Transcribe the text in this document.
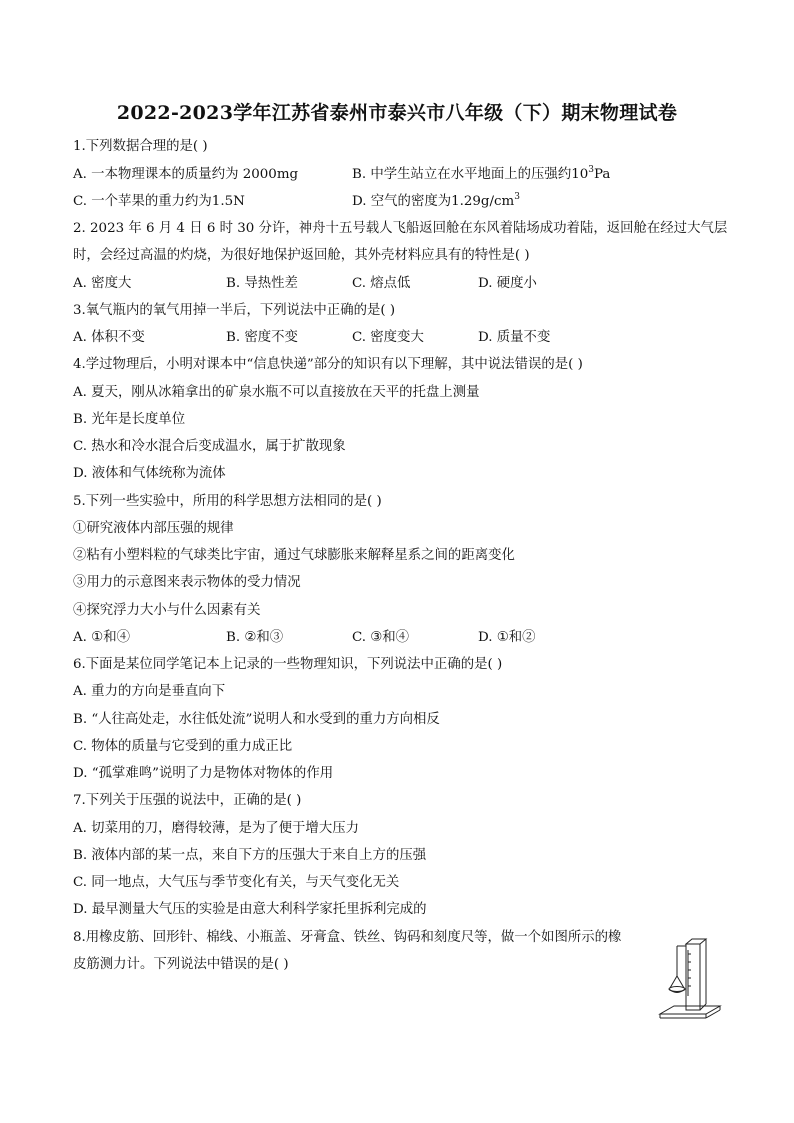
2022-2023学年江苏省泰州市泰兴市八年级（下）期末物理试卷
1.下列数据合理的是( )
A. 一本物理课本的质量约为 2000mg	B. 中学生站立在水平地面上的压强约$10^3Pa$
C. 一个苹果的重力约为1.5N	D. 空气的密度为$1.29g/cm^3$
2. 2023 年 6 月 4 日 6 时 30 分许，神舟十五号载人飞船返回舱在东风着陆场成功着陆，返回舱在经过大气层
时，会经过高温的灼烧，为很好地保护返回舱，其外壳材料应具有的特性是( )
A. 密度大	B. 导热性差	C. 熔点低	D. 硬度小
3.氧气瓶内的氧气用掉一半后，下列说法中正确的是( )
A. 体积不变	B. 密度不变	C. 密度变大	D. 质量不变
4.学过物理后，小明对课本中“信息快递”部分的知识有以下理解，其中说法错误的是( )
A. 夏天，刚从冰箱拿出的矿泉水瓶不可以直接放在天平的托盘上测量
B. 光年是长度单位
C. 热水和冷水混合后变成温水，属于扩散现象
D. 液体和气体统称为流体
5.下列一些实验中，所用的科学思想方法相同的是( )
①研究液体内部压强的规律
②粘有小塑料粒的气球类比宇宙，通过气球膨胀来解释星系之间的距离变化
③用力的示意图来表示物体的受力情况
④探究浮力大小与什么因素有关
A. ①和④	B. ②和③	C. ③和④	D. ①和②
6.下面是某位同学笔记本上记录的一些物理知识，下列说法中正确的是( )
A. 重力的方向是垂直向下
B. “人往高处走，水往低处流”说明人和水受到的重力方向相反
C. 物体的质量与它受到的重力成正比
D. “孤掌难鸣”说明了力是物体对物体的作用
7.下列关于压强的说法中，正确的是( )
A. 切菜用的刀，磨得较薄，是为了便于增大压力
B. 液体内部的某一点，来自下方的压强大于来自上方的压强
C. 同一地点，大气压与季节变化有关，与天气变化无关
D. 最早测量大气压的实验是由意大利科学家托里拆利完成的
8.用橡皮筋、回形针、棉线、小瓶盖、牙膏盒、铁丝、钩码和刻度尺等，做一个如图所示的橡
皮筋测力计。下列说法中错误的是( )
